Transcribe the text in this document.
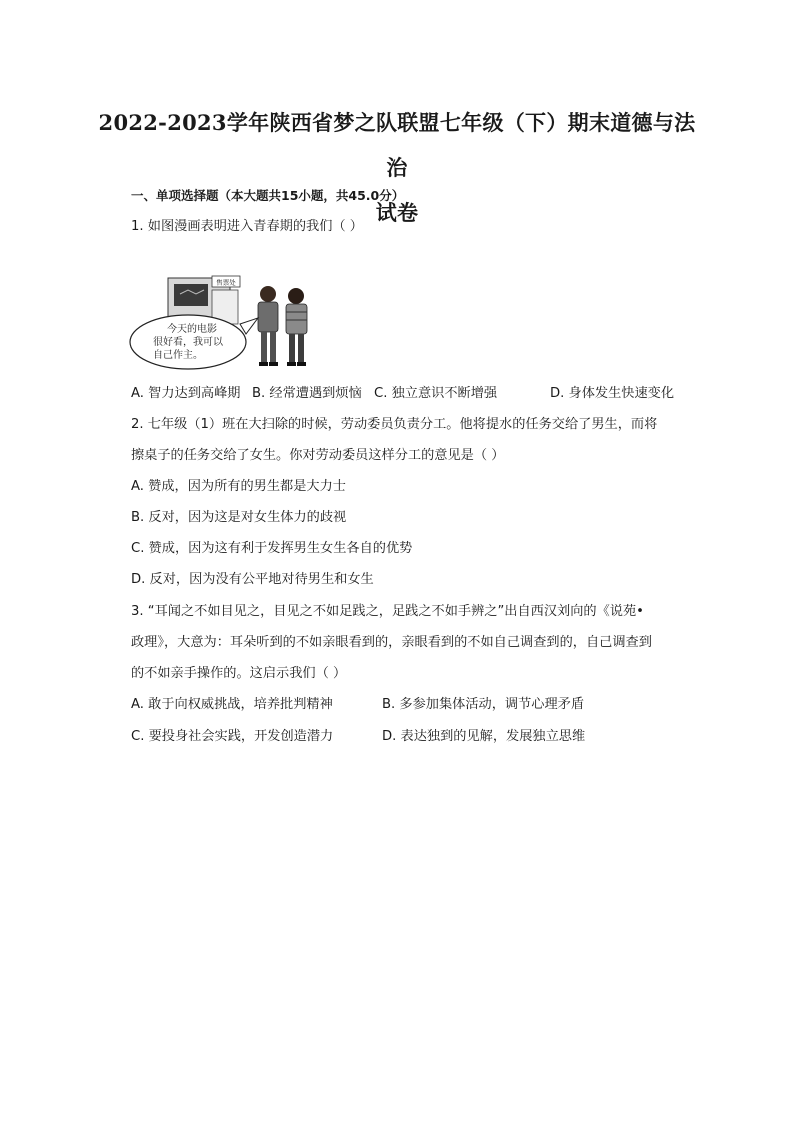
2022-2023学年陕西省梦之队联盟七年级（下）期末道德与法治
试卷
一、单项选择题（本大题共15小题，共45.0分）
1. 如图漫画表明进入青春期的我们（ ）
售票处
今天的电影
很好看，我可以
自己作主。
A. 智力达到高峰期 B. 经常遭遇到烦恼 C. 独立意识不断增强	D. 身体发生快速变化
2. 七年级（1）班在大扫除的时候，劳动委员负责分工。他将提水的任务交给了男生，而将
擦桌子的任务交给了女生。你对劳动委员这样分工的意见是（ ）
A. 赞成，因为所有的男生都是大力士
B. 反对，因为这是对女生体力的歧视
C. 赞成，因为这有利于发挥男生女生各自的优势
D. 反对，因为没有公平地对待男生和女生
3. “耳闻之不如目见之，目见之不如足践之，足践之不如手辨之”出自西汉刘向的《说苑•
政理》，大意为：耳朵听到的不如亲眼看到的，亲眼看到的不如自己调查到的，自己调查到
的不如亲手操作的。这启示我们（ ）
A. 敢于向权威挑战，培养批判精神	B. 多参加集体活动，调节心理矛盾
C. 要投身社会实践，开发创造潜力	D. 表达独到的见解，发展独立思维
